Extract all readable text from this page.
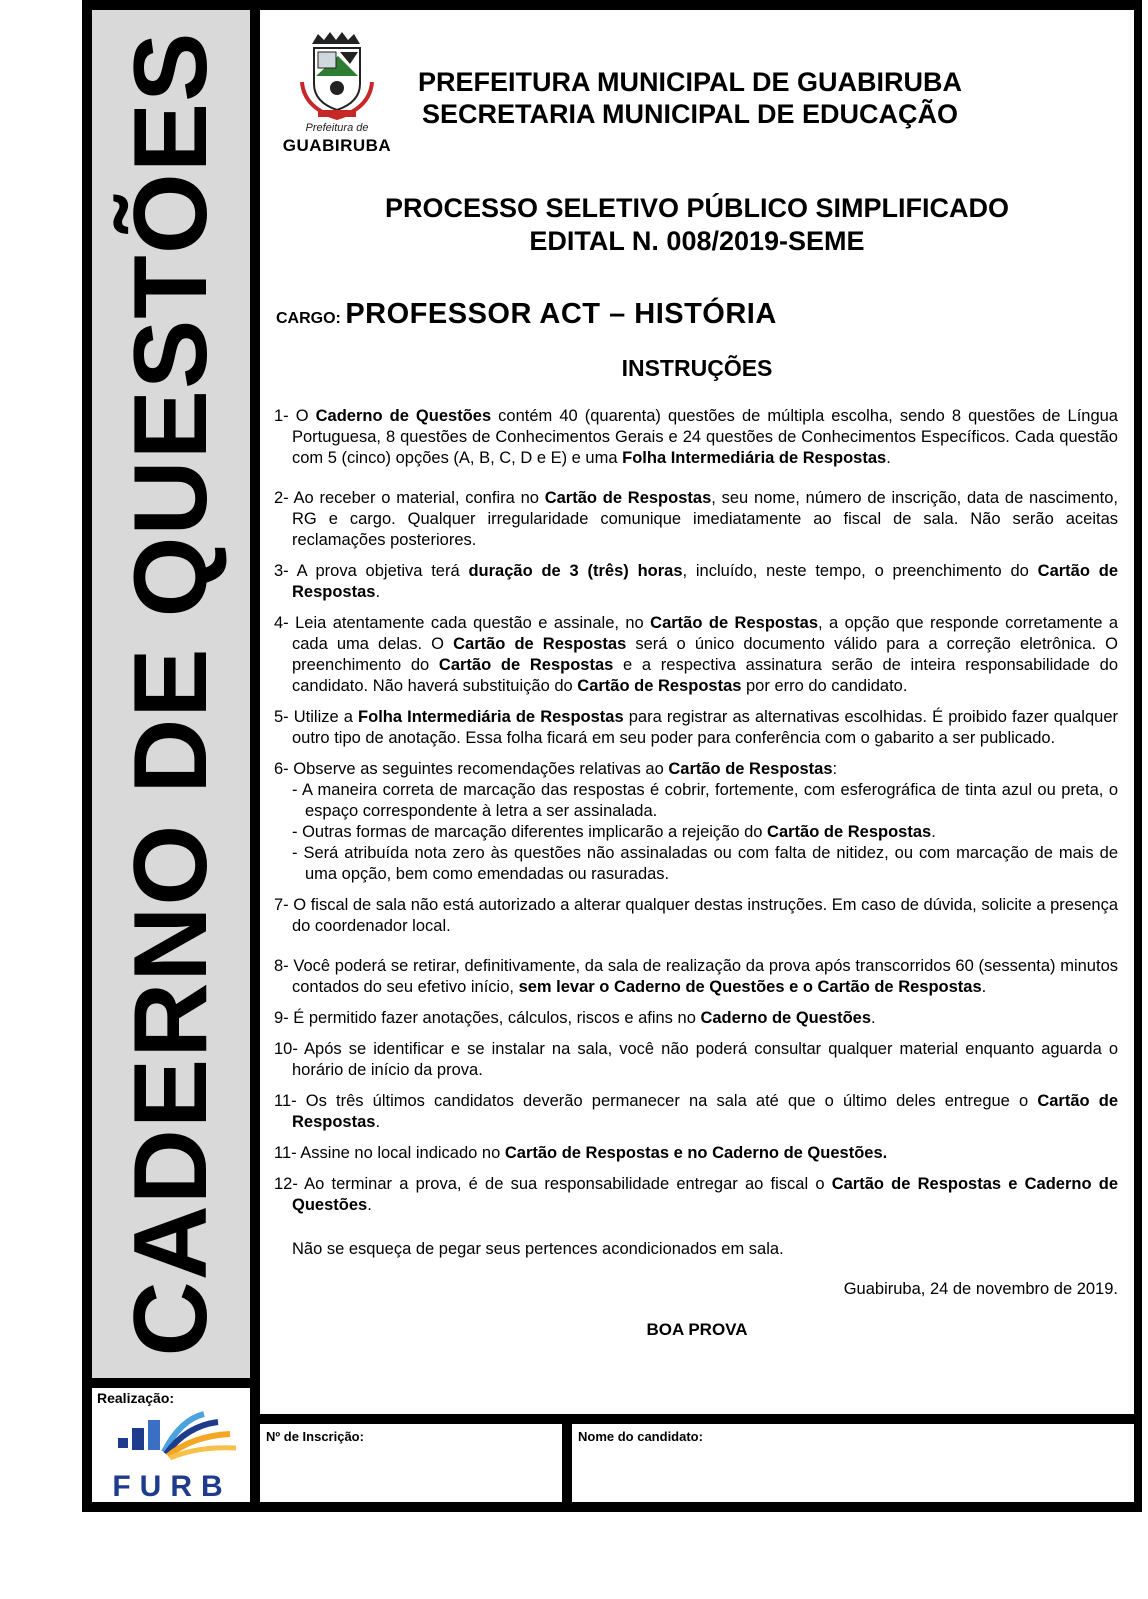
CADERNO DE QUESTÕES
Realização:
FURB
Prefeitura de
GUABIRUBA
PREFEITURA MUNICIPAL DE GUABIRUBA
SECRETARIA MUNICIPAL DE EDUCAÇÃO
PROCESSO SELETIVO PÚBLICO SIMPLIFICADO
EDITAL N. 008/2019-SEME
CARGO: PROFESSOR ACT – HISTÓRIA
INSTRUÇÕES

1- O Caderno de Questões contém 40 (quarenta) questões de múltipla escolha, sendo 8 questões de Língua Portuguesa, 8 questões de Conhecimentos Gerais e 24 questões de Conhecimentos Específicos. Cada questão com 5 (cinco) opções (A, B, C, D e E) e uma Folha Intermediária de Respostas.

2- Ao receber o material, confira no Cartão de Respostas, seu nome, número de inscrição, data de nascimento, RG e cargo. Qualquer irregularidade comunique imediatamente ao fiscal de sala. Não serão aceitas reclamações posteriores.

3- A prova objetiva terá duração de 3 (três) horas, incluído, neste tempo, o preenchimento do Cartão de Respostas.

4- Leia atentamente cada questão e assinale, no Cartão de Respostas, a opção que responde corretamente a cada uma delas. O Cartão de Respostas será o único documento válido para a correção eletrônica. O preenchimento do Cartão de Respostas e a respectiva assinatura serão de inteira responsabilidade do candidato. Não haverá substituição do Cartão de Respostas por erro do candidato.

5- Utilize a Folha Intermediária de Respostas para registrar as alternativas escolhidas. É proibido fazer qualquer outro tipo de anotação. Essa folha ficará em seu poder para conferência com o gabarito a ser publicado.

6- Observe as seguintes recomendações relativas ao Cartão de Respostas:

- A maneira correta de marcação das respostas é cobrir, fortemente, com esferográfica de tinta azul ou preta, o espaço correspondente à letra a ser assinalada.

- Outras formas de marcação diferentes implicarão a rejeição do Cartão de Respostas.

- Será atribuída nota zero às questões não assinaladas ou com falta de nitidez, ou com marcação de mais de uma opção, bem como emendadas ou rasuradas.

7- O fiscal de sala não está autorizado a alterar qualquer destas instruções. Em caso de dúvida, solicite a presença do coordenador local.

8- Você poderá se retirar, definitivamente, da sala de realização da prova após transcorridos 60 (sessenta) minutos contados do seu efetivo início, sem levar o Caderno de Questões e o Cartão de Respostas.

9- É permitido fazer anotações, cálculos, riscos e afins no Caderno de Questões.

10- Após se identificar e se instalar na sala, você não poderá consultar qualquer material enquanto aguarda o horário de início da prova.

11- Os três últimos candidatos deverão permanecer na sala até que o último deles entregue o Cartão de Respostas.

11- Assine no local indicado no Cartão de Respostas e no Caderno de Questões.

12- Ao terminar a prova, é de sua responsabilidade entregar ao fiscal o Cartão de Respostas e Caderno de Questões.

Não se esqueça de pegar seus pertences acondicionados em sala.
Guabiruba, 24 de novembro de 2019.
BOA PROVA
Nº de Inscrição:	Nome do candidato:
